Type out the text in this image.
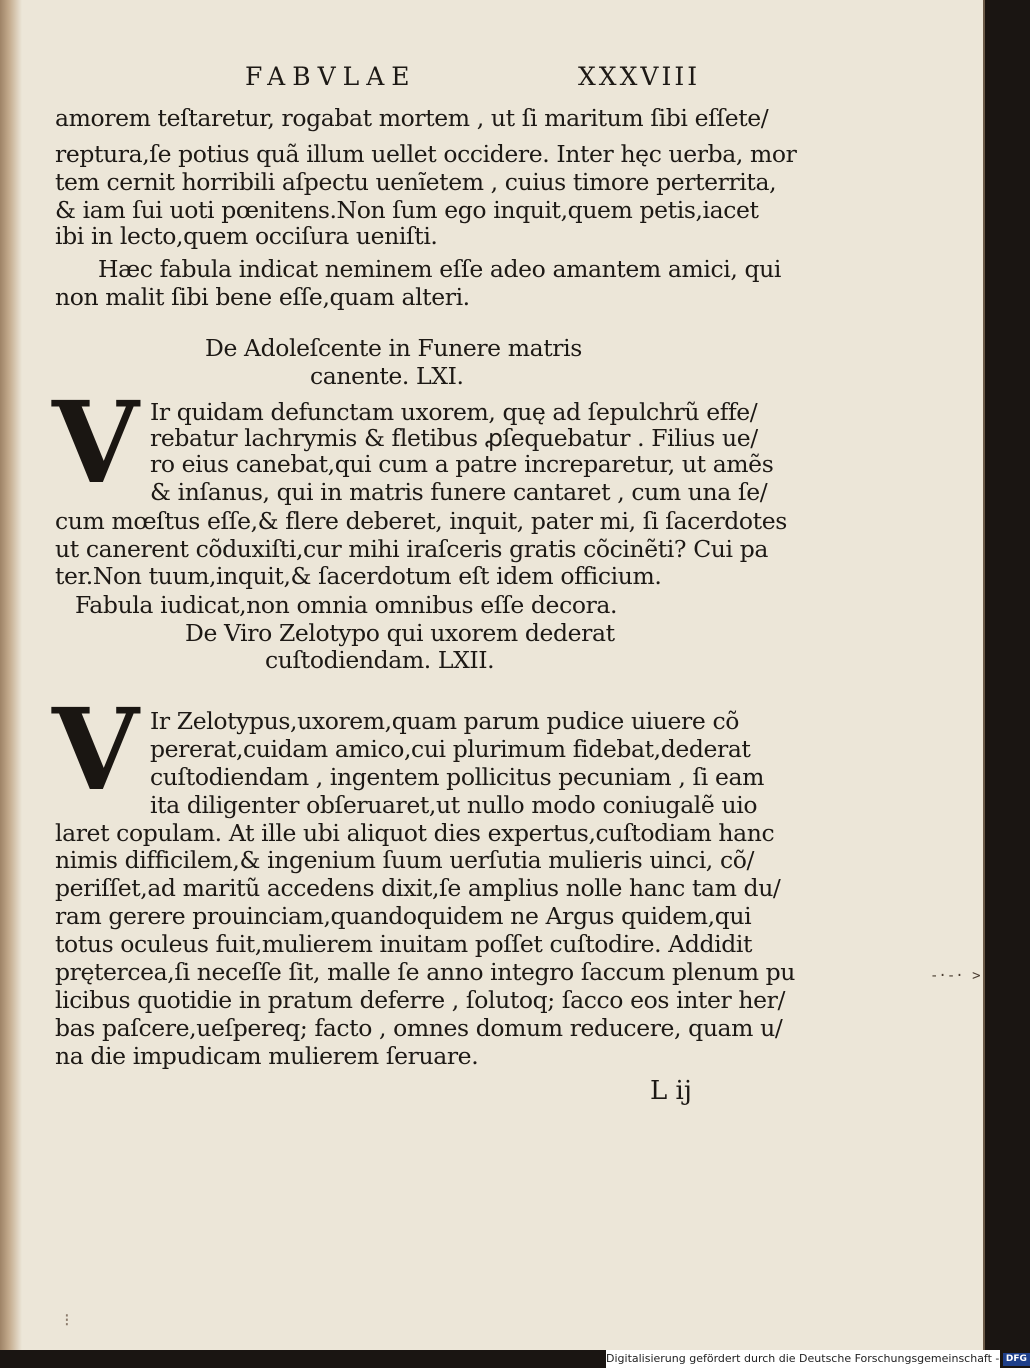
FABVLAE	XXXVIII
amorem teſtaretur, rogabat mortem , ut ſi maritum ſibi eſſete/
reptura,ſe potius quã illum uellet occidere. Inter hęc uerba, mor
tem cernit horribili aſpectu uenĩetem , cuius timore perterrita,
& iam ſui uoti pœnitens.Non ſum ego inquit,quem petis,iacet
ibi in lecto,quem occiſura ueniſti.
Hæc fabula indicat neminem eſſe adeo amantem amici, qui
non malit ſibi bene eſſe,quam alteri.
De Adoleſcente in Funere matris
canente. LXI.
V Ir quidam defunctam uxorem, quę ad ſepulchrũ effe/
rebatur lachrymis & fletibus ꝓſequebatur . Filius ue/
ro eius canebat,qui cum a patre increparetur, ut amẽs
& inſanus, qui in matris funere cantaret , cum una ſe/
cum mœſtus eſſe,& flere deberet, inquit, pater mi, ſi ſacerdotes
ut canerent cõduxiſti,cur mihi iraſceris gratis cõcinẽti? Cui pa
ter.Non tuum,inquit,& ſacerdotum eſt idem officium.
Fabula iudicat,non omnia omnibus eſſe decora.
De Viro Zelotypo qui uxorem dederat
cuſtodiendam. LXII.
V Ir Zelotypus,uxorem,quam parum pudice uiuere cõ
pererat,cuidam amico,cui plurimum fidebat,dederat
cuſtodiendam , ingentem pollicitus pecuniam , ſi eam
ita diligenter obſeruaret,ut nullo modo coniugalẽ uio
laret copulam. At ille ubi aliquot dies expertus,cuſtodiam hanc
nimis difficilem,& ingenium ſuum uerſutia mulieris uinci, cõ/
periſſet,ad maritũ accedens dixit,ſe amplius nolle hanc tam du/
ram gerere prouinciam,quandoquidem ne Argus quidem,qui
totus oculeus fuit,mulierem inuitam poſſet cuſtodire. Addidit
prętercea,ſi neceſſe ſit, malle ſe anno integro ſaccum plenum pu
licibus quotidie in pratum deferre , ſolutoq; ſacco eos inter her/
bas paſcere,ueſpereq; facto , omnes domum reducere, quam u/
na die impudicam mulierem ſeruare.
L ij
-·-· >
⁝
Digitalisierung gefördert durch die Deutsche Forschungsgemeinschaft - DFG
